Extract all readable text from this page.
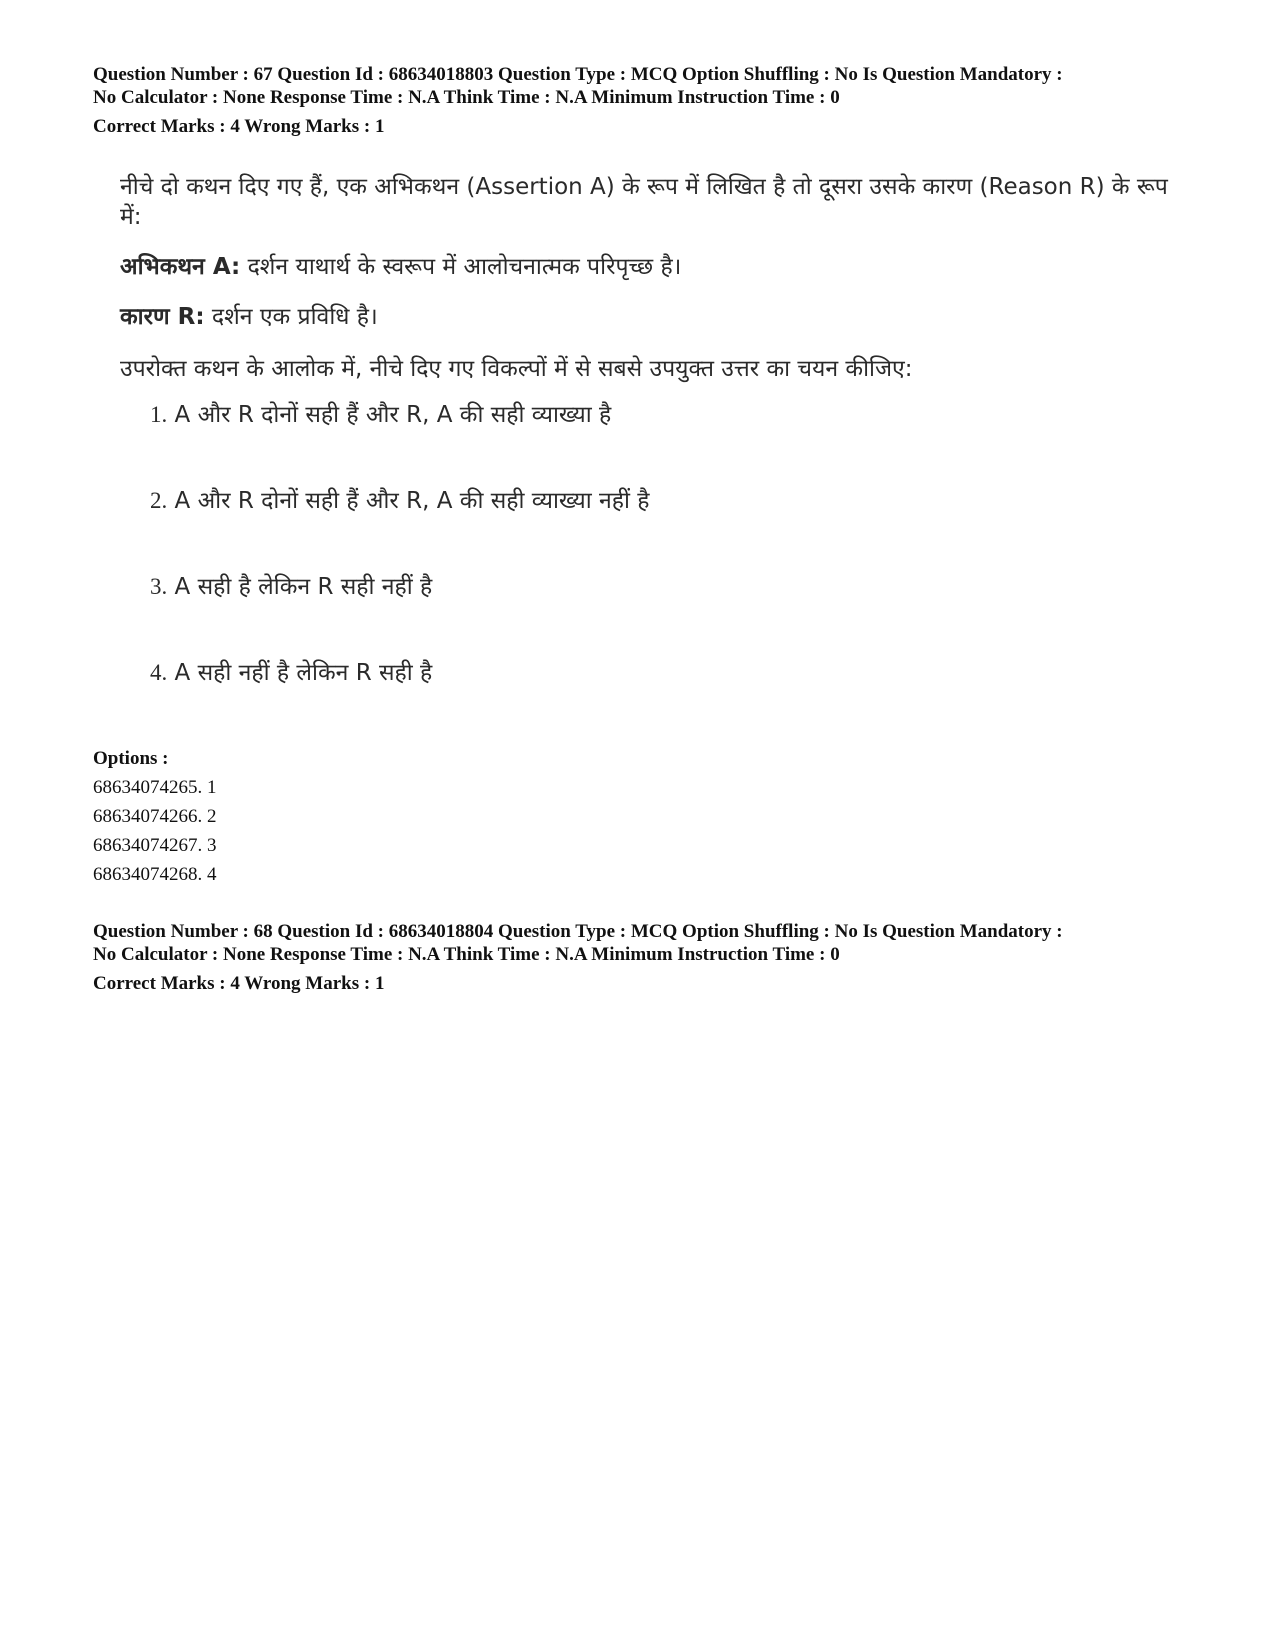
Question Number : 67 Question Id : 68634018803 Question Type : MCQ Option Shuffling : No Is Question Mandatory :

No Calculator : None Response Time : N.A Think Time : N.A Minimum Instruction Time : 0

Correct Marks : 4 Wrong Marks : 1

नीचे दो कथन दिए गए हैं, एक अभिकथन (Assertion A) के रूप में लिखित है तो दूसरा उसके कारण (Reason R) के रूप में:

अभिकथन A: दर्शन याथार्थ के स्वरूप में आलोचनात्मक परिपृच्छ है।

कारण R: दर्शन एक प्रविधि है।

उपरोक्त कथन के आलोक में, नीचे दिए गए विकल्पों में से सबसे उपयुक्त उत्तर का चयन कीजिए:

1. A और R दोनों सही हैं और R, A की सही व्याख्या है
2. A और R दोनों सही हैं और R, A की सही व्याख्या नहीं है
3. A सही है लेकिन R सही नहीं है
4. A सही नहीं है लेकिन R सही है

Options :

68634074265. 1

68634074266. 2

68634074267. 3

68634074268. 4

Question Number : 68 Question Id : 68634018804 Question Type : MCQ Option Shuffling : No Is Question Mandatory :

No Calculator : None Response Time : N.A Think Time : N.A Minimum Instruction Time : 0

Correct Marks : 4 Wrong Marks : 1
